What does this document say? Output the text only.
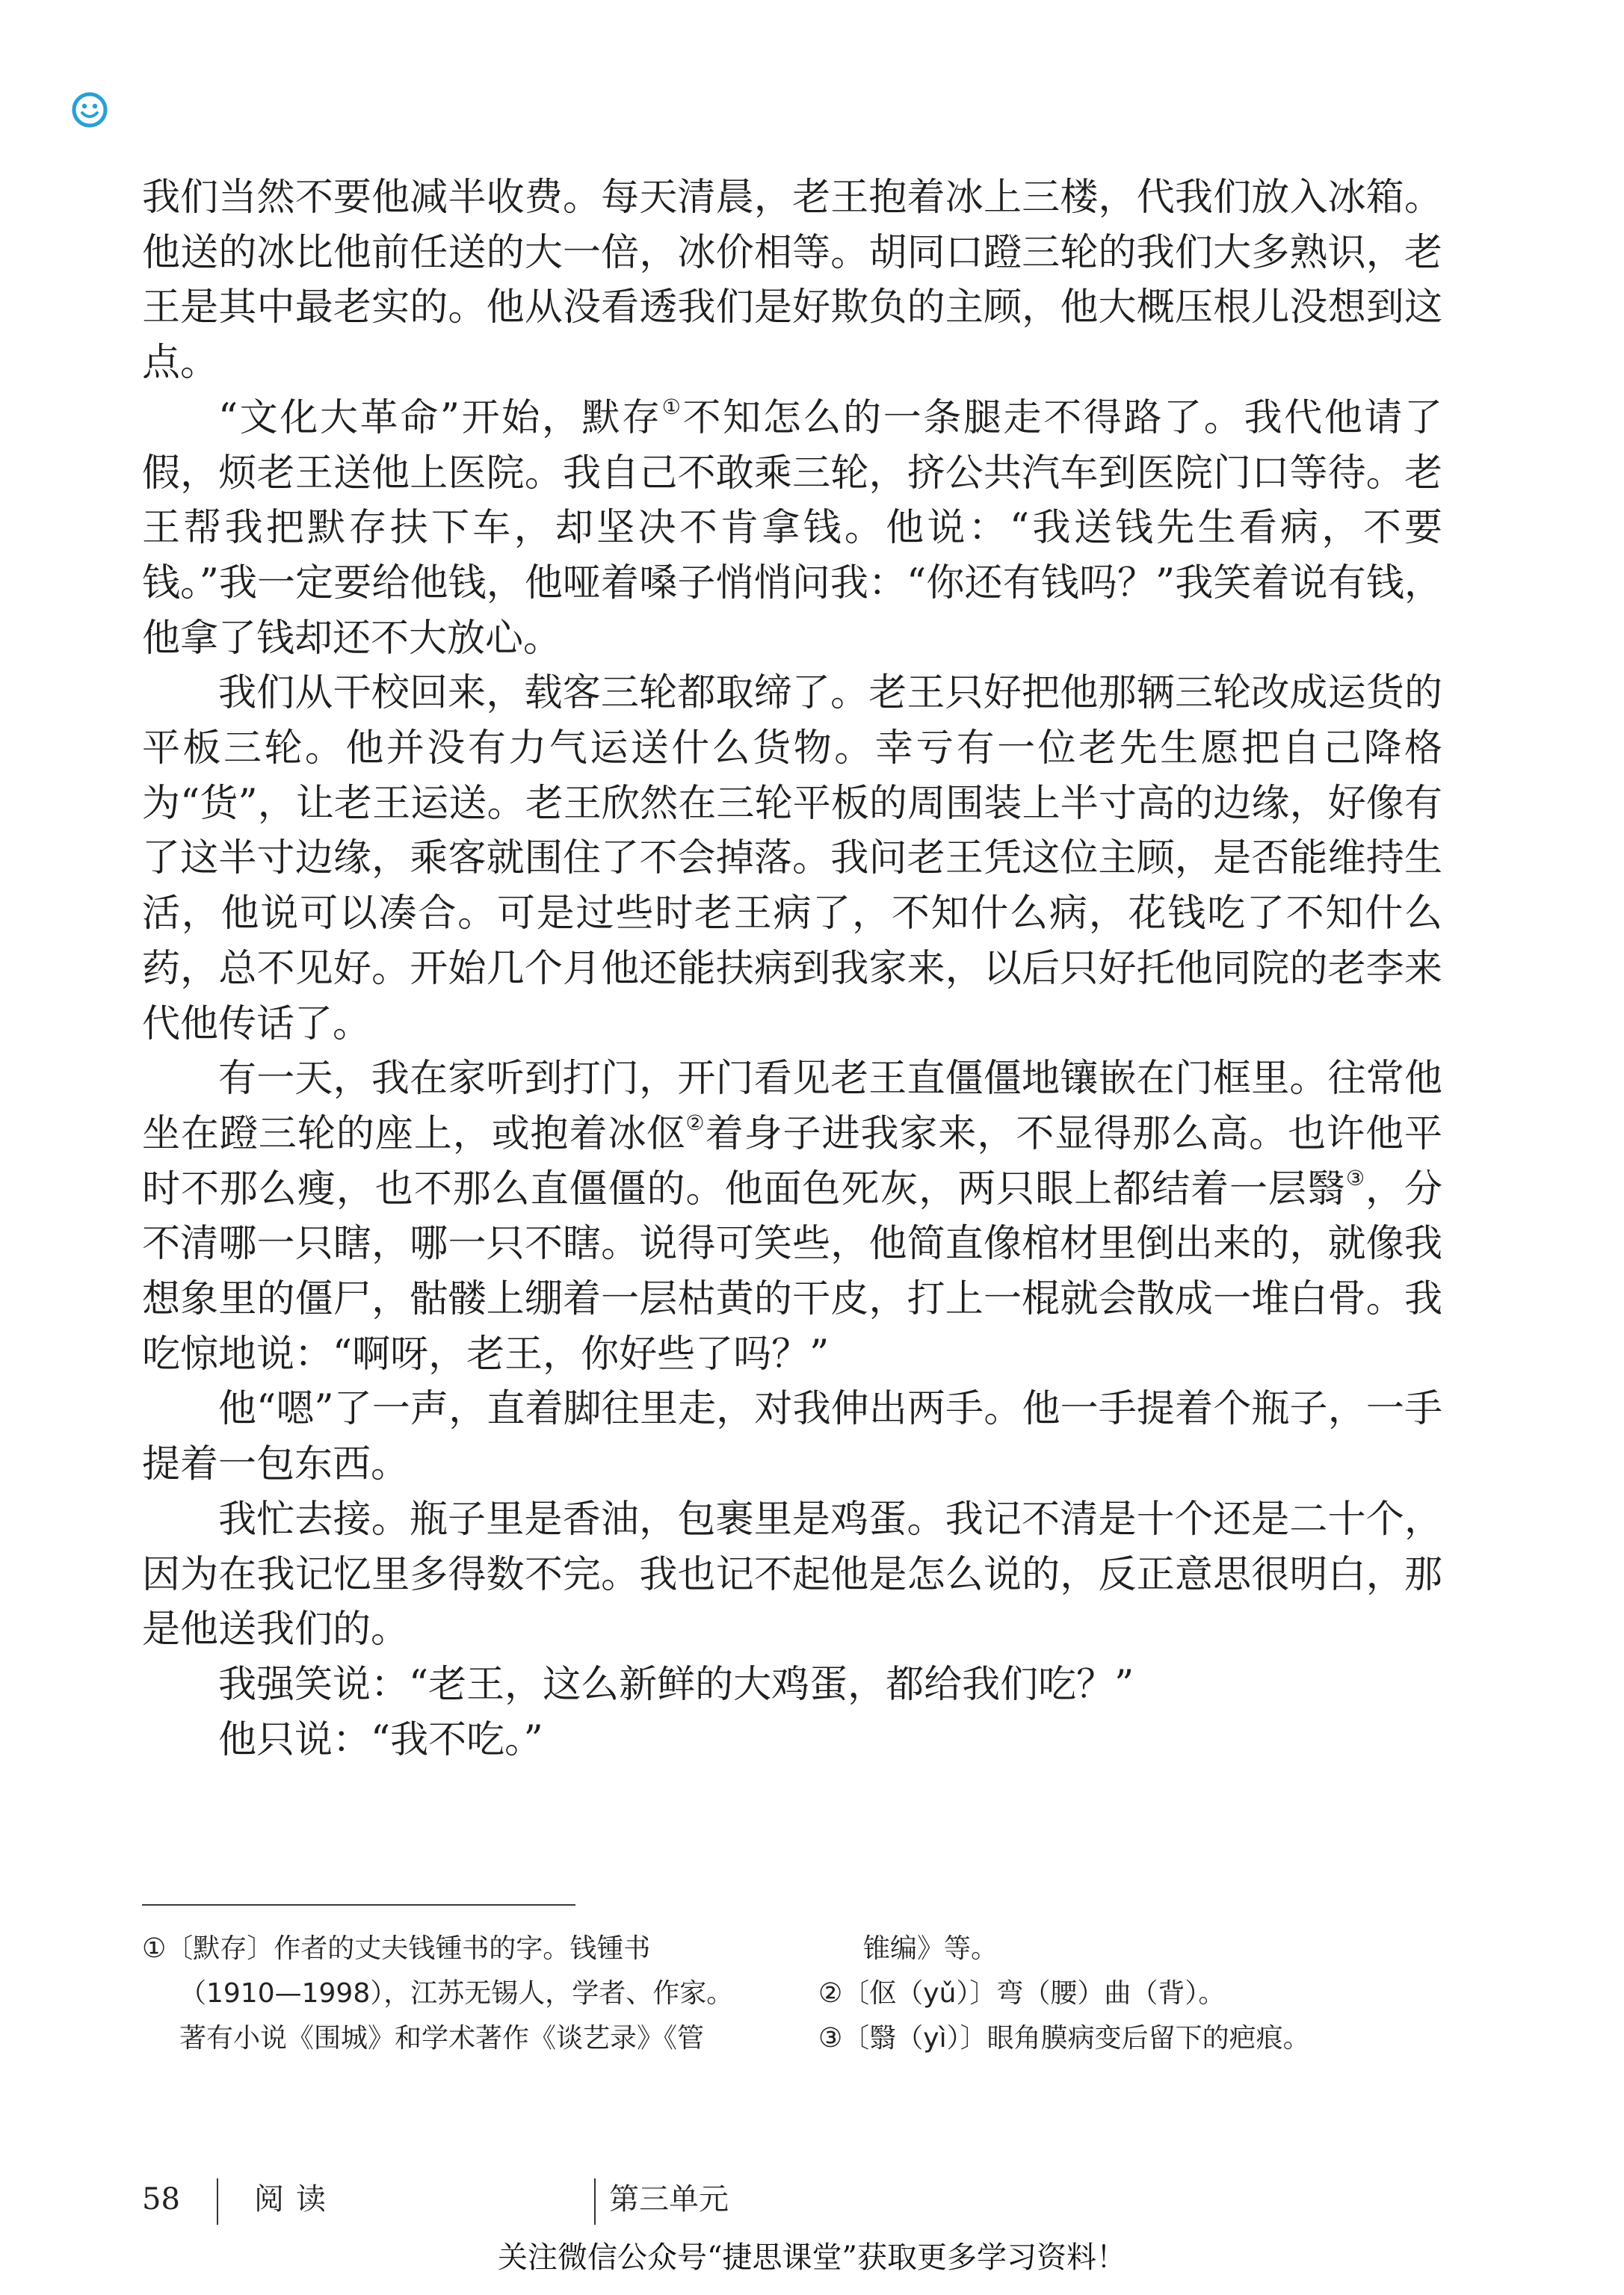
我们当然不要他减半收费。每天清晨，老王抱着冰上三楼，代我们放入冰箱。他送的冰比他前任送的大一倍，冰价相等。胡同口蹬三轮的我们大多熟识，老王是其中最老实的。他从没看透我们是好欺负的主顾，他大概压根儿没想到这点。

“文化大革命”开始，默存①不知怎么的一条腿走不得路了。我代他请了假，烦老王送他上医院。我自己不敢乘三轮，挤公共汽车到医院门口等待。老王帮我把默存扶下车，却坚决不肯拿钱。他说：“我送钱先生看病，不要钱。”我一定要给他钱，他哑着嗓子悄悄问我：“你还有钱吗？”我笑着说有钱，他拿了钱却还不大放心。

我们从干校回来，载客三轮都取缔了。老王只好把他那辆三轮改成运货的平板三轮。他并没有力气运送什么货物。幸亏有一位老先生愿把自己降格为“货”，让老王运送。老王欣然在三轮平板的周围装上半寸高的边缘，好像有了这半寸边缘，乘客就围住了不会掉落。我问老王凭这位主顾，是否能维持生活，他说可以凑合。可是过些时老王病了，不知什么病，花钱吃了不知什么药，总不见好。开始几个月他还能扶病到我家来，以后只好托他同院的老李来代他传话了。

有一天，我在家听到打门，开门看见老王直僵僵地镶嵌在门框里。往常他坐在蹬三轮的座上，或抱着冰伛②着身子进我家来，不显得那么高。也许他平时不那么瘦，也不那么直僵僵的。他面色死灰，两只眼上都结着一层翳③，分不清哪一只瞎，哪一只不瞎。说得可笑些，他简直像棺材里倒出来的，就像我想象里的僵尸，骷髅上绷着一层枯黄的干皮，打上一棍就会散成一堆白骨。我吃惊地说：“啊呀，老王，你好些了吗？”

他“嗯”了一声，直着脚往里走，对我伸出两手。他一手提着个瓶子，一手提着一包东西。

我忙去接。瓶子里是香油，包裹里是鸡蛋。我记不清是十个还是二十个，因为在我记忆里多得数不完。我也记不起他是怎么说的，反正意思很明白，那是他送我们的。

我强笑说：“老王，这么新鲜的大鸡蛋，都给我们吃？”

他只说：“我不吃。”

①〔默存〕作者的丈夫钱锺书的字。钱锺书

（1910—1998），江苏无锡人，学者、作家。

著有小说《围城》和学术著作《谈艺录》《管

锥编》等。

②〔伛（yǔ）〕弯（腰）曲（背）。

③〔翳（yì）〕眼角膜病变后留下的疤痕。

58 阅读	第三单元
关注微信公众号“捷思课堂”获取更多学习资料！
